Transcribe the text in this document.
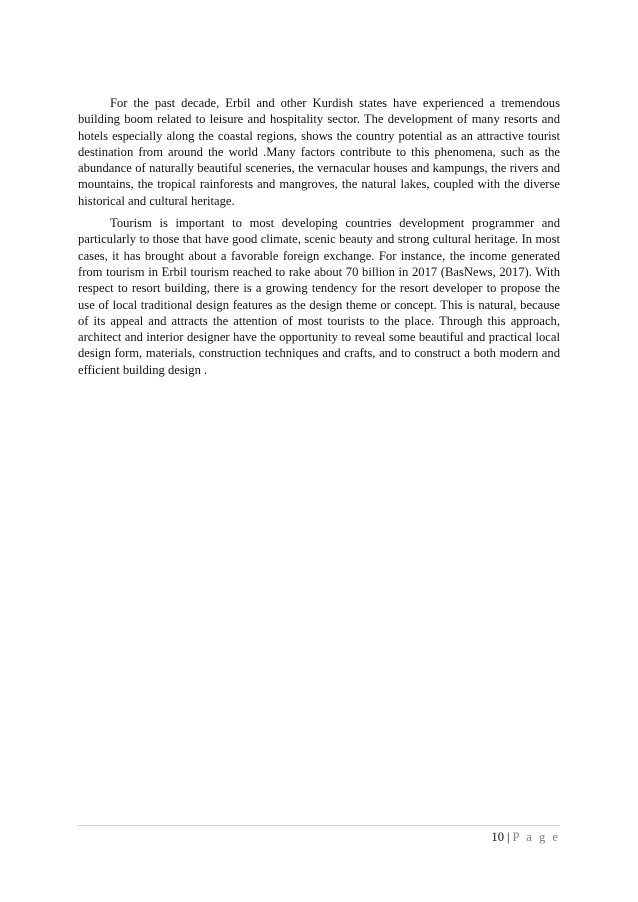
For the past decade, Erbil and other Kurdish states have experienced a tremendous building boom related to leisure and hospitality sector. The development of many resorts and hotels especially along the coastal regions, shows the country potential as an attractive tourist destination from around the world .Many factors contribute to this phenomena, such as the abundance of naturally beautiful sceneries, the vernacular houses and kampungs, the rivers and mountains, the tropical rainforests and mangroves, the natural lakes, coupled with the diverse historical and cultural heritage.

Tourism is important to most developing countries development programmer and particularly to those that have good climate, scenic beauty and strong cultural heritage. In most cases, it has brought about a favorable foreign exchange. For instance, the income generated from tourism in Erbil tourism reached to rake about 70 billion in 2017 (BasNews, 2017). With respect to resort building, there is a growing tendency for the resort developer to propose the use of local traditional design features as the design theme or concept. This is natural, because of its appeal and attracts the attention of most tourists to the place. Through this approach, architect and interior designer have the opportunity to reveal some beautiful and practical local design form, materials, construction techniques and crafts, and to construct a both modern and efficient building design .

10 | P a g e
